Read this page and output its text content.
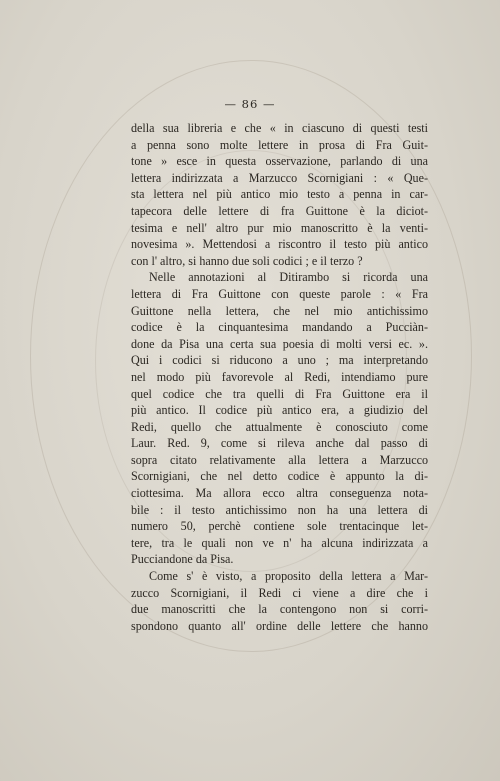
— 86 —
della sua libreria e che « in ciascuno di questi testi
a penna sono molte lettere in prosa di Fra Guit-
tone » esce in questa osservazione, parlando di una
lettera indirizzata a Marzucco Scornigiani : « Que-
sta lettera nel più antico mio testo a penna in car-
tapecora delle lettere di fra Guittone è la diciot-
tesima e nell' altro pur mio manoscritto è la venti-
novesima ». Mettendosi a riscontro il testo più antico
con l' altro, si hanno due soli codici ; e il terzo ?
Nelle annotazioni al Ditirambo si ricorda una
lettera di Fra Guittone con queste parole : « Fra
Guittone nella lettera, che nel mio antichissimo
codice è la cinquantesima mandando a Pucciàn-
done da Pisa una certa sua poesia di molti versi ec. ».
Qui i codici si riducono a uno ; ma interpretando
nel modo più favorevole al Redi, intendiamo pure
quel codice che tra quelli di Fra Guittone era il
più antico. Il codice più antico era, a giudizio del
Redi, quello che attualmente è conosciuto come
Laur. Red. 9, come si rileva anche dal passo di
sopra citato relativamente alla lettera a Marzucco
Scornigiani, che nel detto codice è appunto la di-
ciottesima. Ma allora ecco altra conseguenza nota-
bile : il testo antichissimo non ha una lettera di
numero 50, perchè contiene sole trentacinque let-
tere, tra le quali non ve n' ha alcuna indirizzata a
Pucciandone da Pisa.
Come s' è visto, a proposito della lettera a Mar-
zucco Scornigiani, il Redi ci viene a dire che i
due manoscritti che la contengono non si corri-
spondono quanto all' ordine delle lettere che hanno
